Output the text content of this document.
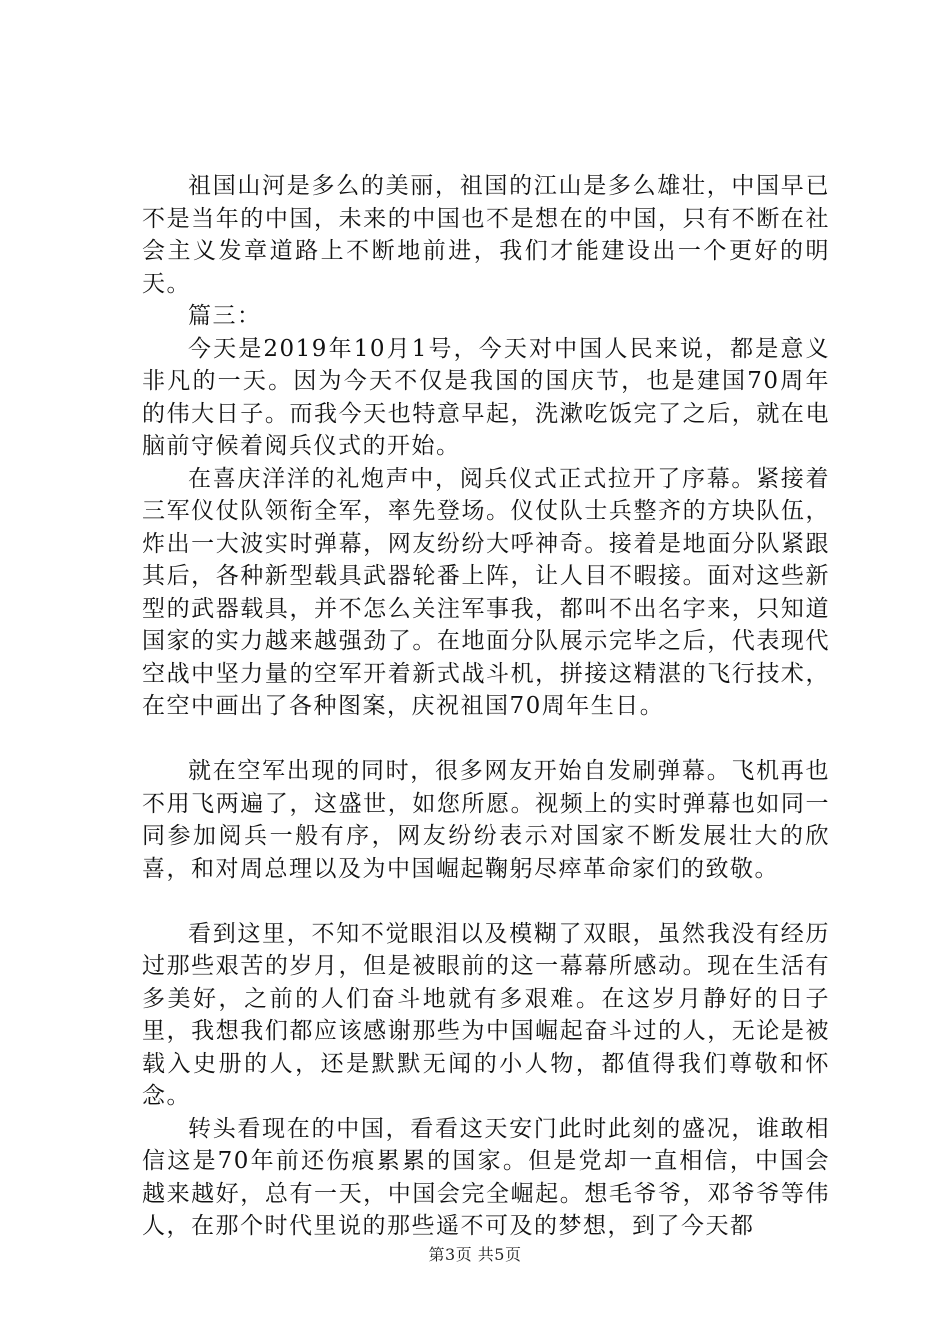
祖国山河是多么的美丽，祖国的江山是多么雄壮，中国早已不是当年的中国，未来的中国也不是想在的中国，只有不断在社会主义发章道路上不断地前进，我们才能建设出一个更好的明天。

篇三：

今天是2019年10月1号，今天对中国人民来说，都是意义非凡的一天。因为今天不仅是我国的国庆节，也是建国70周年的伟大日子。而我今天也特意早起，洗漱吃饭完了之后，就在电脑前守候着阅兵仪式的开始。

在喜庆洋洋的礼炮声中，阅兵仪式正式拉开了序幕。紧接着三军仪仗队领衔全军，率先登场。仪仗队士兵整齐的方块队伍，炸出一大波实时弹幕，网友纷纷大呼神奇。接着是地面分队紧跟其后，各种新型载具武器轮番上阵，让人目不暇接。面对这些新型的武器载具，并不怎么关注军事我，都叫不出名字来，只知道国家的实力越来越强劲了。在地面分队展示完毕之后，代表现代空战中坚力量的空军开着新式战斗机，拼接这精湛的飞行技术，在空中画出了各种图案，庆祝祖国70周年生日。

就在空军出现的同时，很多网友开始自发刷弹幕。飞机再也不用飞两遍了，这盛世，如您所愿。视频上的实时弹幕也如同一同参加阅兵一般有序，网友纷纷表示对国家不断发展壮大的欣喜，和对周总理以及为中国崛起鞠躬尽瘁革命家们的致敬。

看到这里，不知不觉眼泪以及模糊了双眼，虽然我没有经历过那些艰苦的岁月，但是被眼前的这一幕幕所感动。现在生活有多美好，之前的人们奋斗地就有多艰难。在这岁月静好的日子里，我想我们都应该感谢那些为中国崛起奋斗过的人，无论是被载入史册的人，还是默默无闻的小人物，都值得我们尊敬和怀念。

转头看现在的中国，看看这天安门此时此刻的盛况，谁敢相信这是70年前还伤痕累累的国家。但是党却一直相信，中国会越来越好，总有一天，中国会完全崛起。想毛爷爷，邓爷爷等伟人，在那个时代里说的那些遥不可及的梦想，到了今天都

第3页 共5页
